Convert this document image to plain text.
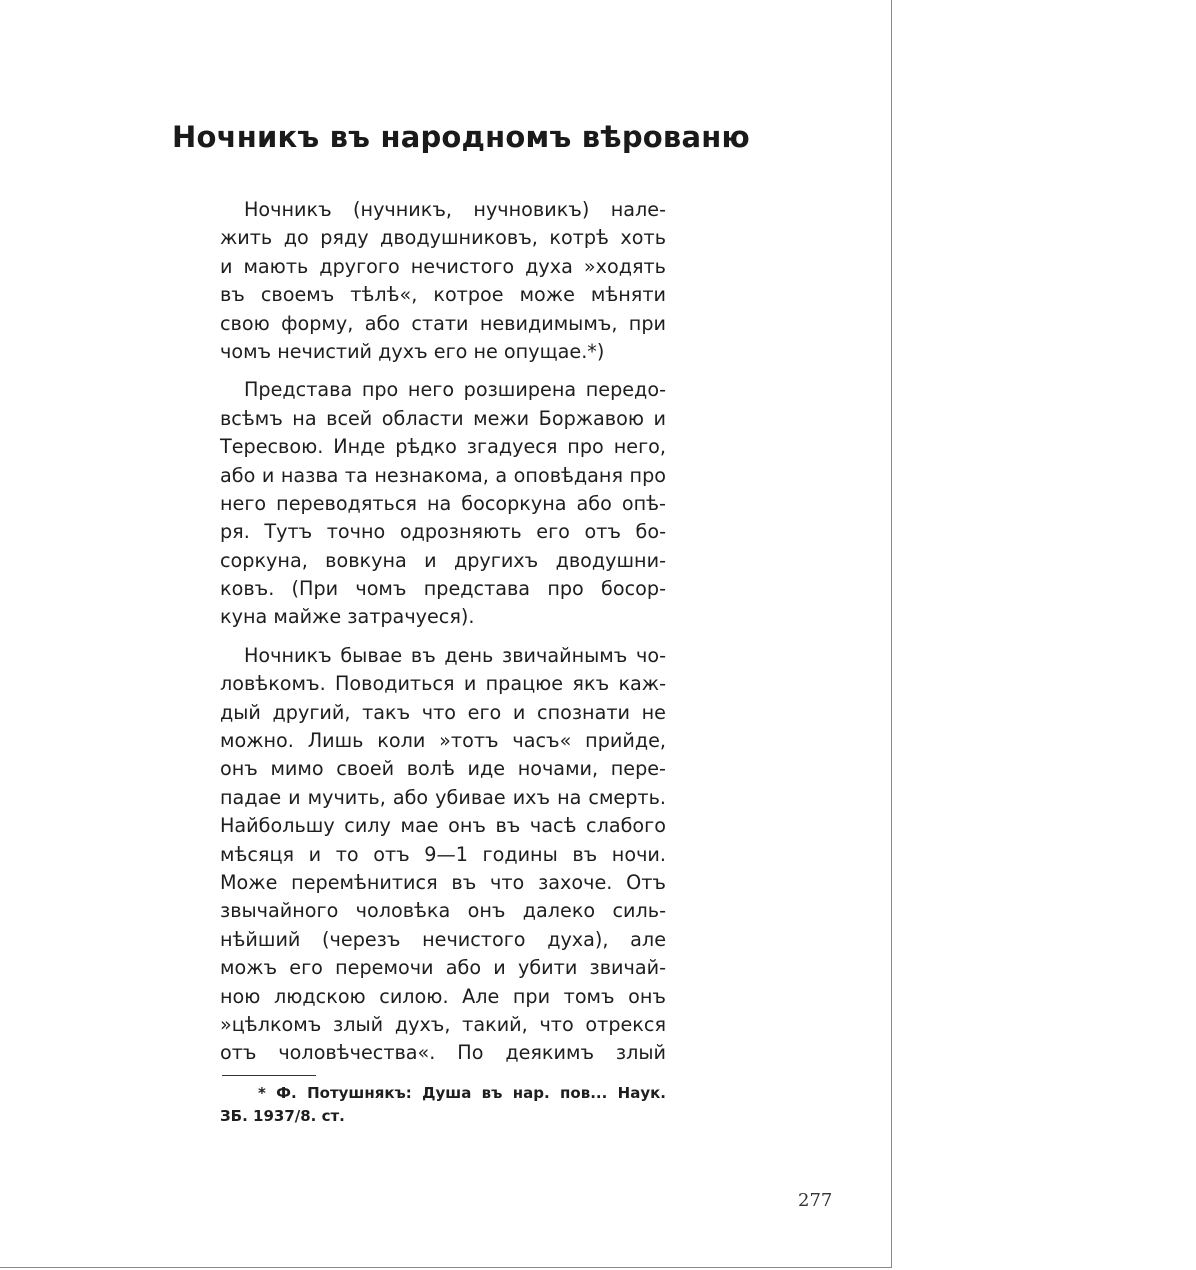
Ночникъ въ народномъ вѣрованю
Ночникъ (нучникъ, нучновикъ) нале-
жить до ряду дводушниковъ, котрѣ хоть
и мають другого нечистого духа »ходять
въ своемъ тѣлѣ«, котрое може мѣняти
свою форму, або стати невидимымъ, при
чомъ нечистий духъ его не опущае.*)
Представа про него розширена передо-
всѣмъ на всей области межи Боржавою и
Тересвою. Инде рѣдко згадуеся про него,
або и назва та незнакома, а оповѣданя про
него переводяться на босоркуна або опѣ-
ря. Тутъ точно одрозняють его отъ бо-
соркуна, вовкуна и другихъ дводушни-
ковъ. (При чомъ представа про босор-
куна майже затрачуеся).
Ночникъ бывае въ день звичайнымъ чо-
ловѣкомъ. Поводиться и працюе якъ каж-
дый другий, такъ что его и спознати не
можно. Лишь коли »тотъ часъ« прийде,
онъ мимо своей волѣ иде ночами, пере-
падае и мучить, або убивае ихъ на смерть.
Найбольшу силу мае онъ въ часѣ слабого
мѣсяця и то отъ 9—1 годины въ ночи.
Може перемѣнитися въ что захоче. Отъ
звычайного чоловѣка онъ далеко силь-
нѣйший (черезъ нечистого духа), але
можъ его перемочи або и убити звичай-
ною людскою силою. Але при томъ онъ
»цѣлкомъ злый духъ, такий, что отрекся
отъ чоловѣчества«. По деякимъ злый
* Ф. Потушнякъ: Душа въ нар. пов... Наук.
ЗБ. 1937/8. ст.
277
